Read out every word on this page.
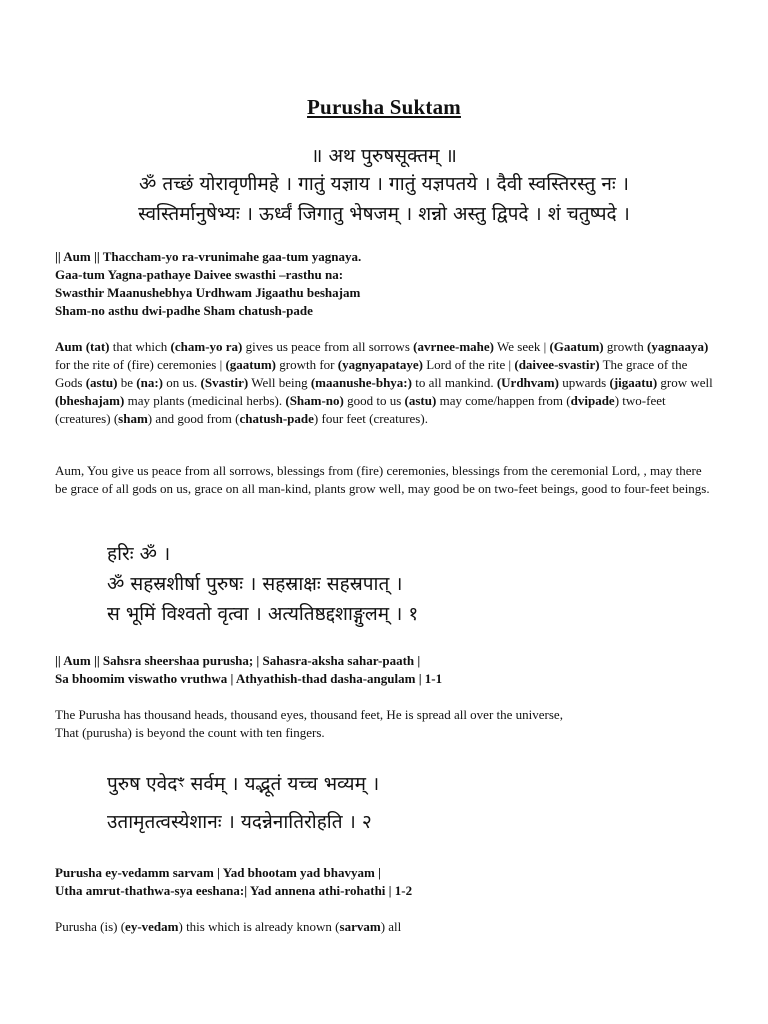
Purusha Suktam
॥ अथ पुरुषसूक्तम् ॥
ॐ तच्छं योरावृणीमहे । गातुं यज्ञाय । गातुं यज्ञपतये । दैवी स्वस्तिरस्तु नः ।
स्वस्तिर्मानुषेभ्यः । ऊर्ध्वं जिगातु भेषजम् । शन्नो अस्तु द्विपदे । शं चतुष्पदे ।

|| Aum || Thaccham-yo ra-vrunimahe gaa-tum yagnaya.

Gaa-tum Yagna-pathaye Daivee swasthi –rasthu na:

Swasthir Maanushebhya Urdhwam Jigaathu beshajam

Sham-no asthu dwi-padhe Sham chatush-pade

Aum (tat) that which (cham-yo ra) gives us peace from all sorrows (avrnee-mahe) We seek | (Gaatum) growth (yagnaaya) for the rite of (fire) ceremonies | (gaatum) growth for (yagnyapataye) Lord of the rite | (daivee-svastir) The grace of the Gods (astu) be (na:) on us. (Svastir) Well being (maanushe-bhya:) to all mankind. (Urdhvam) upwards (jigaatu) grow well (bheshajam) may plants (medicinal herbs). (Sham-no) good to us (astu) may come/happen from (dvipade) two-feet (creatures) (sham) and good from (chatush-pade) four feet (creatures).
Aum, You give us peace from all sorrows, blessings from (fire) ceremonies, blessings from the ceremonial Lord, , may there be grace of all gods on us, grace on all man-kind, plants grow well, may good be on two-feet beings, good to four-feet beings.
हरिः ॐ ।
ॐ सहस्रशीर्षा पुरुषः । सहस्राक्षः सहस्रपात् ।
स भूमिं विश्वतो वृत्वा । अत्यतिष्ठद्दशाङ्गुलम् । १

|| Aum || Sahsra sheershaa purusha; | Sahasra-aksha sahar-paath |

Sa bhoomim viswatho vruthwa | Athyathish-thad dasha-angulam | 1-1

The Purusha has thousand heads, thousand eyes, thousand feet, He is spread all over the universe,

That (purusha) is beyond the count with ten fingers.

पुरुष एवेदꣳ सर्वम् । यद्भूतं यच्च भव्यम् ।
उतामृतत्वस्येशानः । यदन्नेनातिरोहति । २

Purusha ey-vedamm sarvam | Yad bhootam yad bhavyam |

Utha amrut-thathwa-sya eeshana:| Yad annena athi-rohathi | 1-2

Purusha (is) (ey-vedam) this which is already known (sarvam) all
